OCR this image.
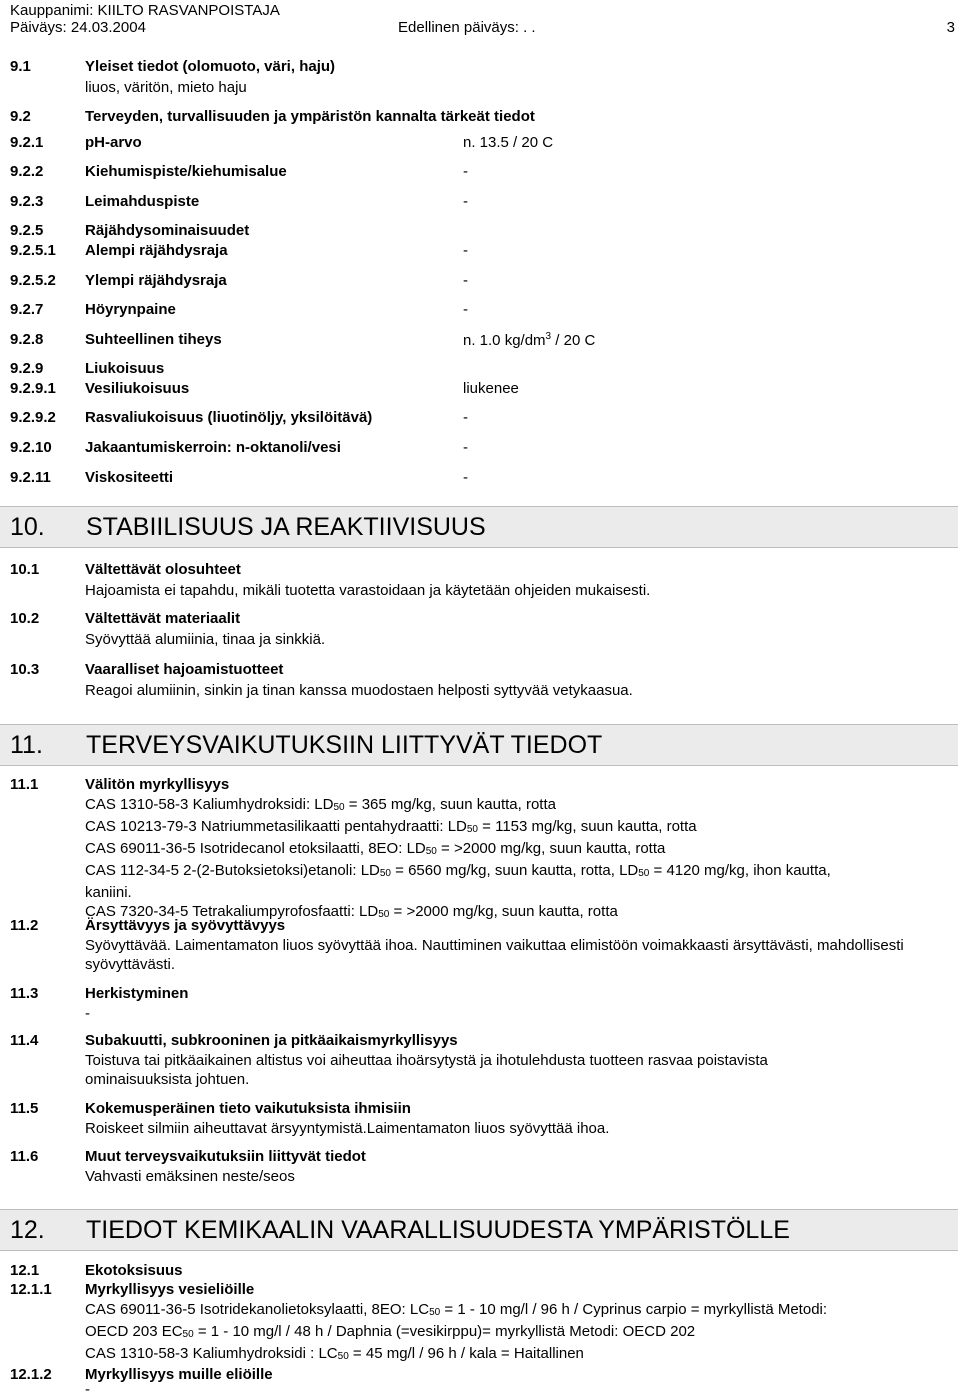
Kauppanimi: KIILTO RASVANPOISTAJA
Päiväys: 24.03.2004	Edellinen päiväys: . .	3
9.1	Yleiset tiedot (olomuoto, väri, haju)
liuos, väritön, mieto haju
9.2	Terveyden, turvallisuuden ja ympäristön kannalta tärkeät tiedot
9.2.1	pH-arvo	n. 13.5 / 20 C
9.2.2	Kiehumispiste/kiehumisalue	-
9.2.3	Leimahduspiste	-
9.2.5	Räjähdysominaisuudet
9.2.5.1 Alempi räjähdysraja	-
9.2.5.2 Ylempi räjähdysraja	-
9.2.7	Höyrynpaine	-
9.2.8	Suhteellinen tiheys	n. 1.0 $kg/dm^3 / 20$ C
9.2.9	Liukoisuus
9.2.9.1 Vesiliukoisuus	liukenee
9.2.9.2 Rasvaliukoisuus (liuotinöljy, yksilöitävä)	-
9.2.10 Jakaantumiskerroin: n-oktanoli/vesi	-
9.2.11 Viskositeetti	-
10. STABIILISUUS JA REAKTIIVISUUS
10.1	Vältettävät olosuhteet
Hajoamista ei tapahdu, mikäli tuotetta varastoidaan ja käytetään ohjeiden mukaisesti.
10.2	Vältettävät materiaalit
Syövyttää alumiinia, tinaa ja sinkkiä.
10.3	Vaaralliset hajoamistuotteet
Reagoi alumiinin, sinkin ja tinan kanssa muodostaen helposti syttyvää vetykaasua.
11. TERVEYSVAIKUTUKSIIN LIITTYVÄT TIEDOT
11.1	Välitön myrkyllisyys
CAS 1310-58-3 Kaliumhydroksidi: LD50 = 365 mg/kg, suun kautta, rotta
CAS 10213-79-3 Natriummetasilikaatti pentahydraatti: LD50 = 1153 mg/kg, suun kautta, rotta
CAS 69011-36-5 Isotridecanol etoksilaatti, 8EO: LD50 = >2000 mg/kg, suun kautta, rotta
CAS 112-34-5 2-(2-Butoksietoksi)etanoli: LD50 = 6560 mg/kg, suun kautta, rotta, LD50 = 4120 mg/kg, ihon kautta,
kaniini.
CAS 7320-34-5 Tetrakaliumpyrofosfaatti: LD50 = >2000 mg/kg, suun kautta, rotta
11.2	Ärsyttävyys ja syövyttävyys
Syövyttävää. Laimentamaton liuos syövyttää ihoa. Nauttiminen vaikuttaa elimistöön voimakkaasti ärsyttävästi, mahdollisesti syövyttävästi.
11.3	Herkistyminen
-
11.4	Subakuutti, subkrooninen ja pitkäaikaismyrkyllisyys
Toistuva tai pitkäaikainen altistus voi aiheuttaa ihoärsytystä ja ihotulehdusta tuotteen rasvaa poistavista ominaisuuksista johtuen.
11.5	Kokemusperäinen tieto vaikutuksista ihmisiin
Roiskeet silmiin aiheuttavat ärsyyntymistä.Laimentamaton liuos syövyttää ihoa.
11.6	Muut terveysvaikutuksiin liittyvät tiedot
Vahvasti emäksinen neste/seos
12. TIEDOT KEMIKAALIN VAARALLISUUDESTA YMPÄRISTÖLLE
12.1	Ekotoksisuus
12.1.1 Myrkyllisyys vesieliöille
CAS 69011-36-5 Isotridekanolietoksylaatti, 8EO: LC50 = 1 - 10 mg/l / 96 h / Cyprinus carpio = myrkyllistä Metodi:
OECD 203 EC50 = 1 - 10 mg/l / 48 h / Daphnia (=vesikirppu)= myrkyllistä Metodi: OECD 202
CAS 1310-58-3 Kaliumhydroksidi : LC50 = 45 mg/l / 96 h / kala = Haitallinen
12.1.2 Myrkyllisyys muille eliöille
-
